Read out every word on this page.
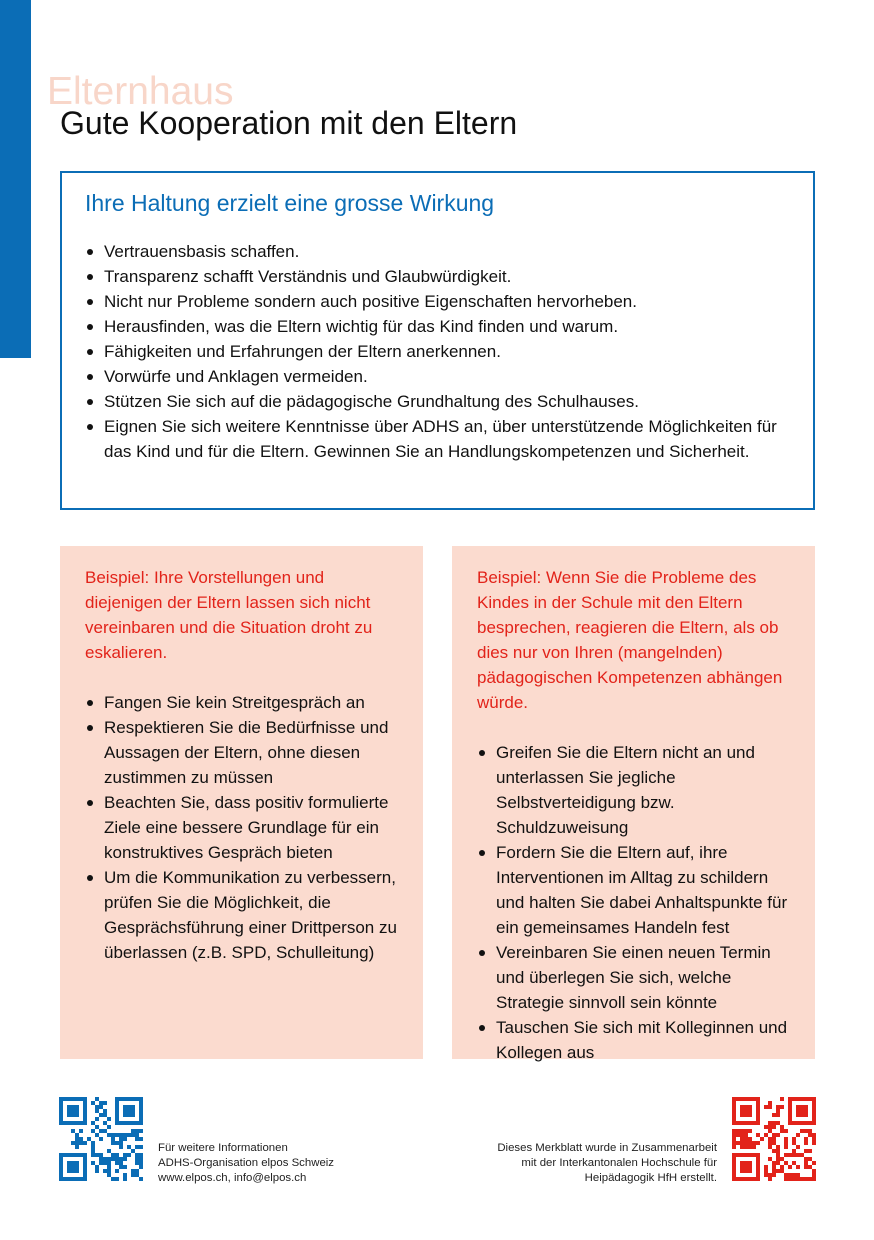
Elternhaus
Gute Kooperation mit den Eltern
Ihre Haltung erzielt eine grosse Wirkung
Vertrauensbasis schaffen.
Transparenz schafft Verständnis und Glaubwürdigkeit.
Nicht nur Probleme sondern auch positive Eigenschaften hervorheben.
Herausfinden, was die Eltern wichtig für das Kind finden und warum.
Fähigkeiten und Erfahrungen der Eltern anerkennen.
Vorwürfe und Anklagen vermeiden.
Stützen Sie sich auf die pädagogische Grundhaltung des Schulhauses.
Eignen Sie sich weitere Kenntnisse über ADHS an, über unterstützende Möglichkeiten für das Kind und für die Eltern. Gewinnen Sie an Handlungskompetenzen und Sicherheit.

Beispiel: Ihre Vorstellungen und diejenigen der Eltern lassen sich nicht vereinbaren und die Situation droht zu eskalieren.

Fangen Sie kein Streitgespräch an
Respektieren Sie die Bedürfnisse und Aussagen der Eltern, ohne diesen zustimmen zu müssen
Beachten Sie, dass positiv formulierte Ziele eine bessere Grundlage für ein konstruktives Gespräch bieten
Um die Kommunikation zu verbessern, prüfen Sie die Möglichkeit, die Gesprächsführung einer Drittperson zu überlassen (z.B. SPD, Schulleitung)

Beispiel: Wenn Sie die Probleme des Kindes in der Schule mit den Eltern besprechen, reagieren die Eltern, als ob dies nur von Ihren (mangelnden) pädagogischen Kompetenzen abhängen würde.

Greifen Sie die Eltern nicht an und unterlassen Sie jegliche Selbstverteidigung bzw. Schuldzuweisung
Fordern Sie die Eltern auf, ihre Interventionen im Alltag zu schildern und halten Sie dabei Anhaltspunkte für ein gemeinsames Handeln fest
Vereinbaren Sie einen neuen Termin und überlegen Sie sich, welche Strategie sinnvoll sein könnte
Tauschen Sie sich mit Kolleginnen und Kollegen aus
Für weitere Informationen
ADHS-Organisation elpos Schweiz
www.elpos.ch, info@elpos.ch
Dieses Merkblatt wurde in Zusammenarbeit
mit der Interkantonalen Hochschule für
Heipädagogik HfH erstellt.
